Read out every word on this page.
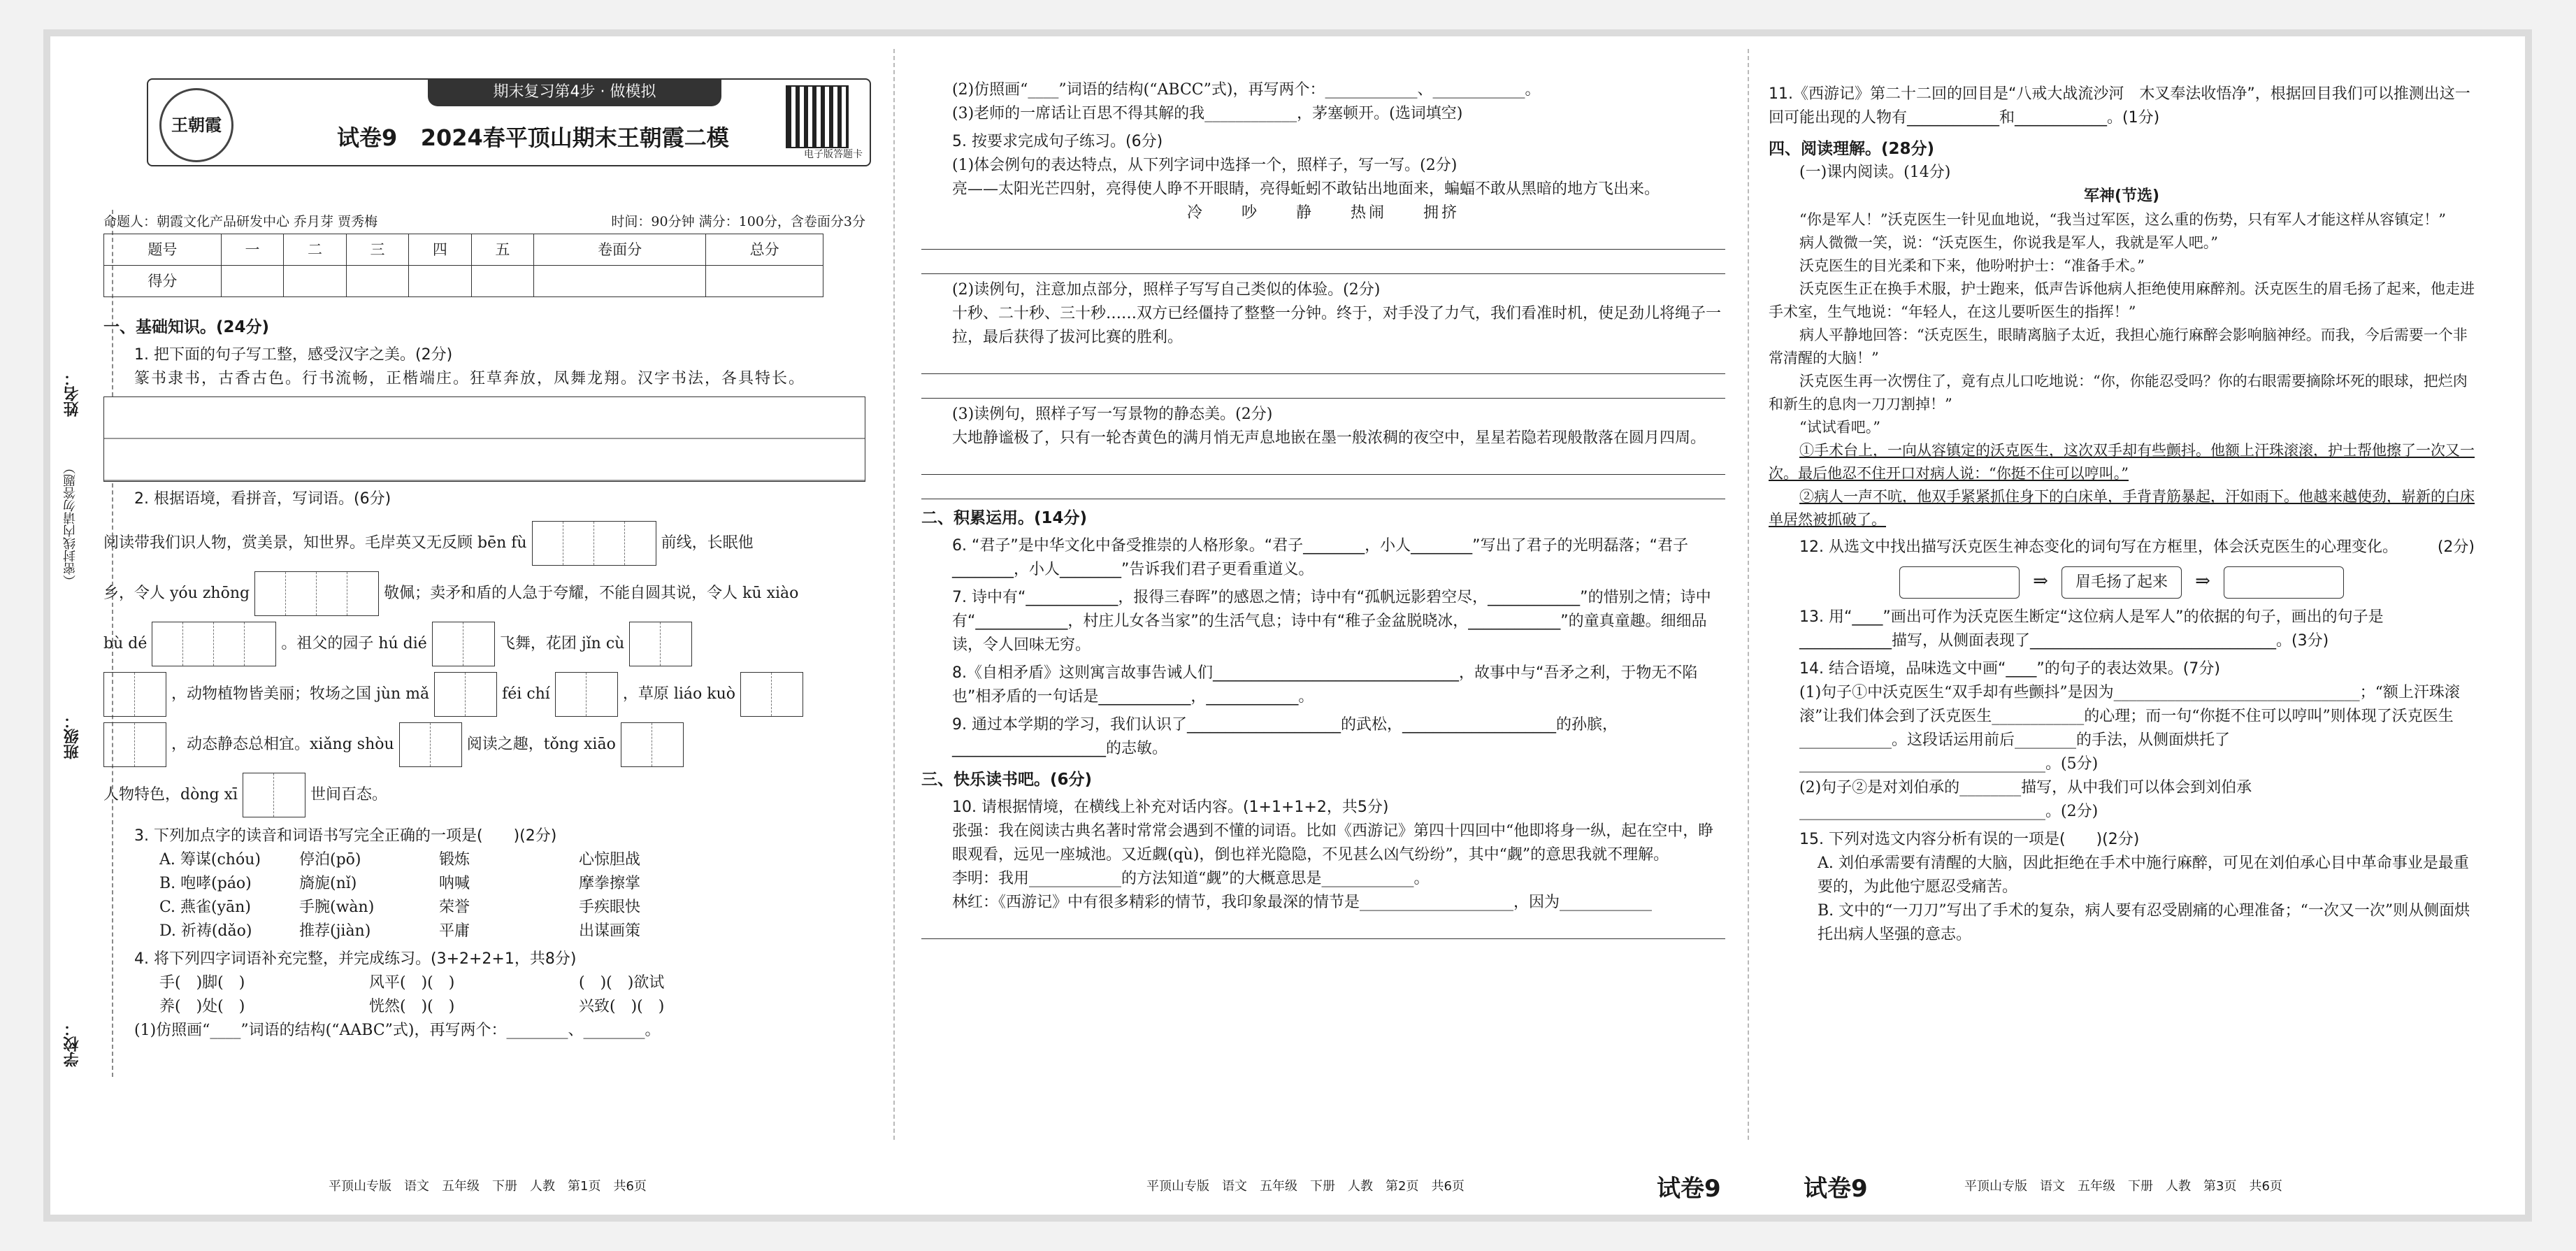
期末复习第4步 · 做模拟
王朝霞	试卷9 2024春平顶山期末王朝霞二模
电子版答题卡
姓名：
（密封线内请勿答题）
班级：
学校：
命题人：朝霞文化产品研发中心 乔月芽 贾秀梅	时间：90分钟 满分：100分，含卷面分3分
题号	一	二	三	四	五	卷面分	总分
得分							
一、基础知识。(24分)
1. 把下面的句子写工整，感受汉字之美。(2分)
篆书隶书，古香古色。行书流畅，正楷端庄。狂草奔放，凤舞龙翔。汉字书法，各具特长。
2. 根据语境，看拼音，写词语。(6分)
阅读带我们识人物，赏美景，知世界。毛岸英又无反顾 bēn fù	前线，长眠他
乡，令人 yóu zhōng	敬佩；卖矛和盾的人急于夸耀，不能自圆其说，令人 kū xiào
bù dé	。祖父的园子 hú dié	飞舞，花团 jǐn cù
，动物植物皆美丽；牧场之国 jùn mǎ	féi chí	，草原 liáo kuò
，动态静态总相宜。xiǎng shòu	阅读之趣，tǒng xiāo
人物特色，dòng xī	世间百态。
3. 下列加点字的读音和词语书写完全正确的一项是(　　)(2分)
A. 筹谋(chóu)	停泊(pō)	锻炼	心惊胆战
B. 咆哮(páo)	旖旎(nǐ)	呐喊	摩拳擦掌
C. 燕雀(yān)	手腕(wàn)	荣誉	手疾眼快
D. 祈祷(dǎo)	推荐(jiàn)	平庸	出谋画策
4. 将下列四字词语补充完整，并完成练习。(3+2+2+1，共8分)
手(　)脚(　)	风平(　)(　)	(　)(　)欲试
养(　)处(　)	恍然(　)(　)	兴致(　)(　)
(1)仿照画“____”词语的结构(“AABC”式)，再写两个：________、________。
(2)仿照画“____”词语的结构(“ABCC”式)，再写两个：____________、____________。
(3)老师的一席话让百思不得其解的我____________，茅塞顿开。(选词填空)
5. 按要求完成句子练习。(6分)
(1)体会例句的表达特点，从下列字词中选择一个，照样子，写一写。(2分)
亮——太阳光芒四射，亮得使人睁不开眼睛，亮得蚯蚓不敢钻出地面来，蝙蝠不敢从黑暗的地方飞出来。
冷　　吵　　静　　热闹　　拥挤
(2)读例句，注意加点部分，照样子写写自己类似的体验。(2分)
十秒、二十秒、三十秒……双方已经僵持了整整一分钟。终于，对手没了力气，我们看准时机，使足劲儿将绳子一拉，最后获得了拔河比赛的胜利。
(3)读例句，照样子写一写景物的静态美。(2分)
大地静谧极了，只有一轮杏黄色的满月悄无声息地嵌在墨一般浓稠的夜空中，星星若隐若现般散落在圆月四周。
二、积累运用。(14分)
6. “君子”是中华文化中备受推崇的人格形象。“君子________，小人________”写出了君子的光明磊落；“君子________，小人________”告诉我们君子更看重道义。
7. 诗中有“____________，报得三春晖”的感恩之情；诗中有“孤帆远影碧空尽，____________”的惜别之情；诗中有“____________，村庄儿女各当家”的生活气息；诗中有“稚子金盆脱晓冰，____________”的童真童趣。细细品读，令人回味无穷。
8.《自相矛盾》这则寓言故事告诫人们________________________________，故事中与“吾矛之利，于物无不陷也”相矛盾的一句话是____________，____________。
9. 通过本学期的学习，我们认识了____________________的武松，____________________的孙膑，____________________的志敏。
三、快乐读书吧。(6分)
10. 请根据情境，在横线上补充对话内容。(1+1+1+2，共5分)
张强：我在阅读古典名著时常常会遇到不懂的词语。比如《西游记》第四十四回中“他即将身一纵，起在空中，睁眼观看，远见一座城池。又近觑(qù)，倒也祥光隐隐，不见甚么凶气纷纷”，其中“觑”的意思我就不理解。
李明：我用____________的方法知道“觑”的大概意思是____________。
林红：《西游记》中有很多精彩的情节，我印象最深的情节是____________________，因为____________
11.《西游记》第二十二回的回目是“八戒大战流沙河　木叉奉法收悟净”，根据回目我们可以推测出这一回可能出现的人物有____________和____________。(1分)
四、阅读理解。(28分)
(一)课内阅读。(14分)
军神(节选)
“你是军人！”沃克医生一针见血地说，“我当过军医，这么重的伤势，只有军人才能这样从容镇定！”
病人微微一笑，说：“沃克医生，你说我是军人，我就是军人吧。”
沃克医生的目光柔和下来，他吩咐护士：“准备手术。”
沃克医生正在换手术服，护士跑来，低声告诉他病人拒绝使用麻醉剂。沃克医生的眉毛扬了起来，他走进手术室，生气地说：“年轻人，在这儿要听医生的指挥！”
病人平静地回答：“沃克医生，眼睛离脑子太近，我担心施行麻醉会影响脑神经。而我，今后需要一个非常清醒的大脑！”
沃克医生再一次愣住了，竟有点儿口吃地说：“你，你能忍受吗？你的右眼需要摘除坏死的眼球，把烂肉和新生的息肉一刀刀割掉！”
“试试看吧。”
①手术台上，一向从容镇定的沃克医生，这次双手却有些颤抖。他额上汗珠滚滚，护士帮他擦了一次又一次。最后他忍不住开口对病人说：“你挺不住可以哼叫。”
②病人一声不吭，他双手紧紧抓住身下的白床单，手背青筋暴起，汗如雨下。他越来越使劲，崭新的白床单居然被抓破了。
12. 从选文中找出描写沃克医生神态变化的词句写在方框里，体会沃克医生的心理变化。	(2分)
⇒ 眉毛扬了起来 ⇒
13. 用“____”画出可作为沃克医生断定“这位病人是军人”的依据的句子，画出的句子是____________描写，从侧面表现了________________________________。(3分)
14. 结合语境，品味选文中画“____”的句子的表达效果。(7分)
(1)句子①中沃克医生“双手却有些颤抖”是因为________________________________；“额上汗珠滚滚”让我们体会到了沃克医生____________的心理；而一句“你挺不住可以哼叫”则体现了沃克医生____________。这段话运用前后________的手法，从侧面烘托了________________________________。(5分)
(2)句子②是对刘伯承的________描写，从中我们可以体会到刘伯承________________________________。(2分)
15. 下列对选文内容分析有误的一项是(　　)(2分)
A. 刘伯承需要有清醒的大脑，因此拒绝在手术中施行麻醉，可见在刘伯承心目中革命事业是最重要的，为此他宁愿忍受痛苦。
B. 文中的“一刀刀”写出了手术的复杂，病人要有忍受剧痛的心理准备；“一次又一次”则从侧面烘托出病人坚强的意志。
平顶山专版　语文　五年级　下册　人教　第1页　共6页	平顶山专版　语文　五年级　下册　人教　第2页　共6页	试卷9	试卷9	平顶山专版　语文　五年级　下册　人教　第3页　共6页
